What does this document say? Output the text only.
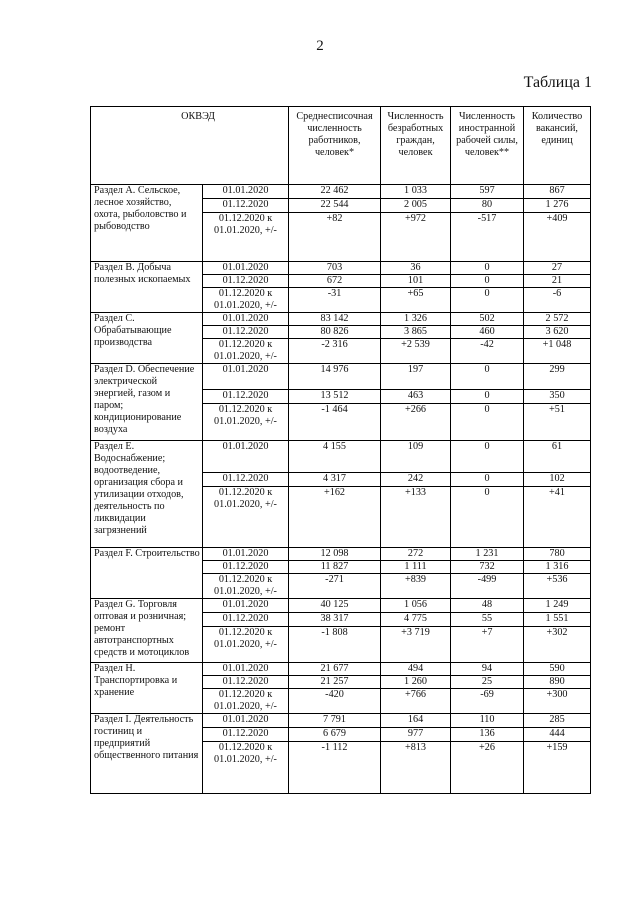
2
Таблица 1
ОКВЭД		Среднесписочная численность работников, человек*	Численность безработных граждан, человек	Численность иностранной рабочей силы, человек**	Количество вакансий, единиц
Раздел А. Сельское, лесное хозяйство, охота, рыболовство и рыбоводство	01.01.2020	22 462	1 033	597	867
	01.12.2020	22 544	2 005	80	1 276
	01.12.2020 к 01.01.2020, +/-	+82	+972	-517	+409
Раздел B. Добыча полезных ископаемых	01.01.2020	703	36	0	27
	01.12.2020	672	101	0	21
	01.12.2020 к 01.01.2020, +/-	-31	+65	0	-6
Раздел C. Обрабатывающие производства	01.01.2020	83 142	1 326	502	2 572
	01.12.2020	80 826	3 865	460	3 620
	01.12.2020 к 01.01.2020, +/-	-2 316	+2 539	-42	+1 048
Раздел D. Обеспечение электрической энергией, газом и паром; кондиционирование воздуха	01.01.2020	14 976	197	0	299
	01.12.2020	13 512	463	0	350
	01.12.2020 к 01.01.2020, +/-	-1 464	+266	0	+51
Раздел E. Водоснабжение; водоотведение, организация сбора и утилизации отходов, деятельность по ликвидации загрязнений	01.01.2020	4 155	109	0	61
	01.12.2020	4 317	242	0	102
	01.12.2020 к 01.01.2020, +/-	+162	+133	0	+41
Раздел F. Строительство	01.01.2020	12 098	272	1 231	780
	01.12.2020	11 827	1 111	732	1 316
	01.12.2020 к 01.01.2020, +/-	-271	+839	-499	+536
Раздел G. Торговля оптовая и розничная; ремонт автотранспортных средств и мотоциклов	01.01.2020	40 125	1 056	48	1 249
	01.12.2020	38 317	4 775	55	1 551
	01.12.2020 к 01.01.2020, +/-	-1 808	+3 719	+7	+302
Раздел H. Транспортировка и хранение	01.01.2020	21 677	494	94	590
	01.12.2020	21 257	1 260	25	890
	01.12.2020 к 01.01.2020, +/-	-420	+766	-69	+300
Раздел I. Деятельность гостиниц и предприятий общественного питания	01.01.2020	7 791	164	110	285
	01.12.2020	6 679	977	136	444
	01.12.2020 к 01.01.2020, +/-	-1 112	+813	+26	+159
